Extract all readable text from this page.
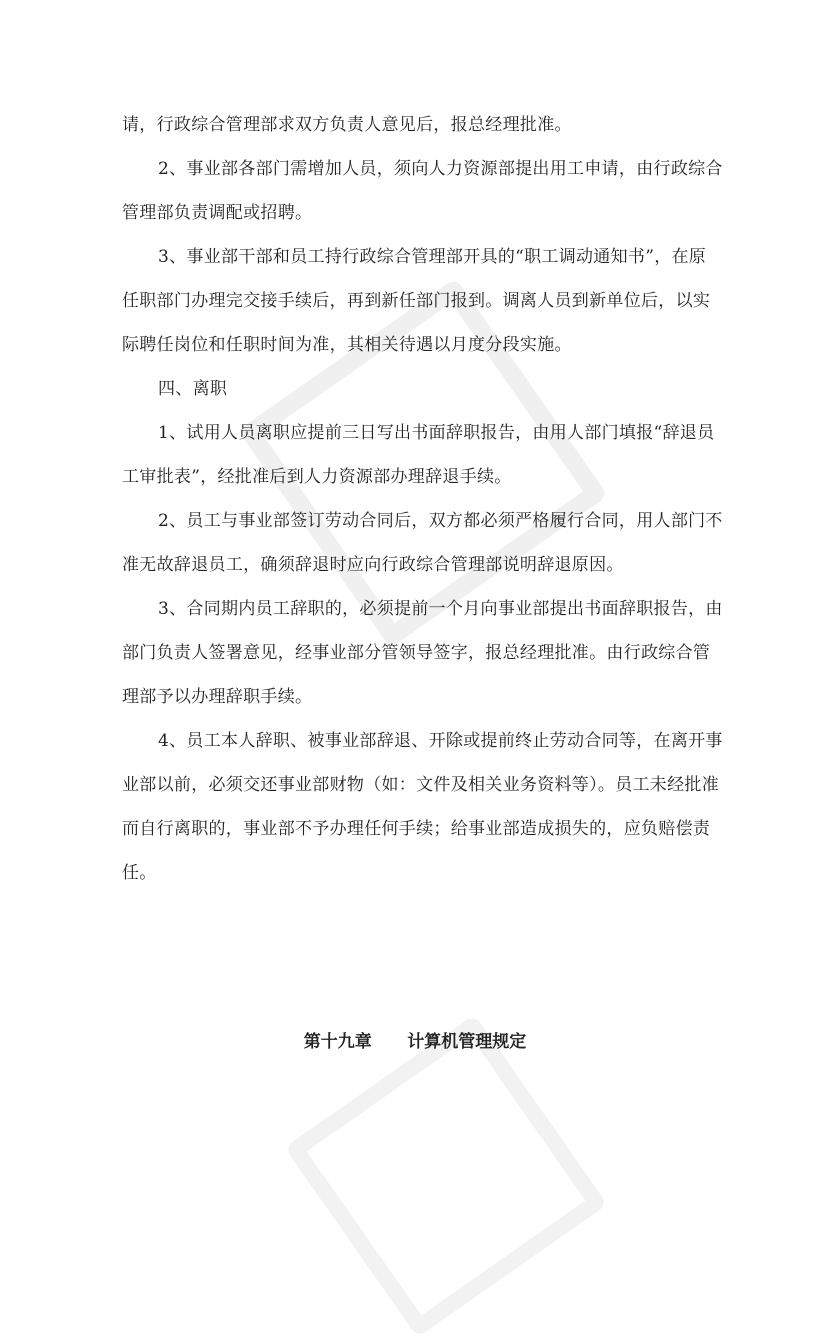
请，行政综合管理部求双方负责人意见后，报总经理批准。
2、事业部各部门需增加人员，须向人力资源部提出用工申请，由行政综合
管理部负责调配或招聘。
3、事业部干部和员工持行政综合管理部开具的“职工调动通知书”，在原
任职部门办理完交接手续后，再到新任部门报到。调离人员到新单位后，以实
际聘任岗位和任职时间为准，其相关待遇以月度分段实施。
四、离职
1、试用人员离职应提前三日写出书面辞职报告，由用人部门填报“辞退员
工审批表”，经批准后到人力资源部办理辞退手续。
2、员工与事业部签订劳动合同后，双方都必须严格履行合同，用人部门不
准无故辞退员工，确须辞退时应向行政综合管理部说明辞退原因。
3、合同期内员工辞职的，必须提前一个月向事业部提出书面辞职报告，由
部门负责人签署意见，经事业部分管领导签字，报总经理批准。由行政综合管
理部予以办理辞职手续。
4、员工本人辞职、被事业部辞退、开除或提前终止劳动合同等，在离开事
业部以前，必须交还事业部财物（如：文件及相关业务资料等）。员工未经批准
而自行离职的，事业部不予办理任何手续；给事业部造成损失的，应负赔偿责
任。
第十九章      计算机管理规定
